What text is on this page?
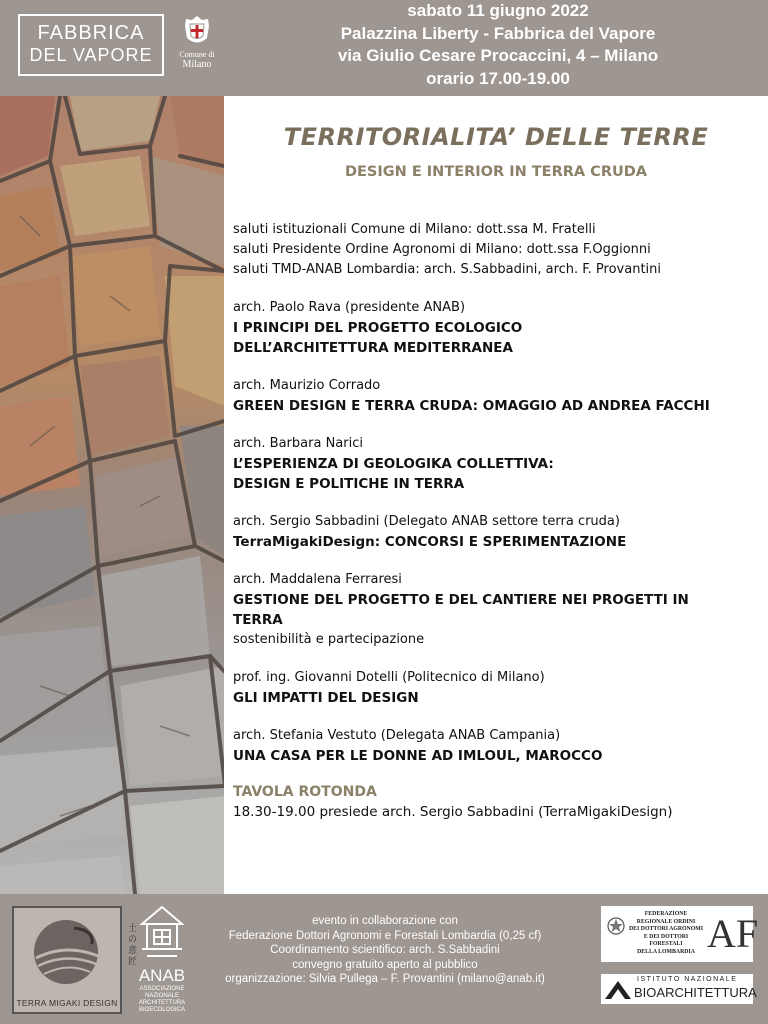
FABBRICA
DEL VAPORE	Comune di
Milano
sabato 11 giugno 2022
Palazzina Liberty - Fabbrica del Vapore
via Giulio Cesare Procaccini, 4 – Milano
orario 17.00-19.00
TERRITORIALITA’ DELLE TERRE
DESIGN E INTERIOR IN TERRA CRUDA
saluti istituzionali Comune di Milano: dott.ssa M. Fratelli
saluti Presidente Ordine Agronomi di Milano: dott.ssa F.Oggionni
saluti TMD-ANAB Lombardia: arch. S.Sabbadini, arch. F. Provantini
arch. Paolo Rava (presidente ANAB)
I PRINCIPI DEL PROGETTO ECOLOGICO
DELL’ARCHITETTURA MEDITERRANEA
arch. Maurizio Corrado
GREEN DESIGN E TERRA CRUDA: OMAGGIO AD ANDREA FACCHI
arch. Barbara Narici
L’ESPERIENZA DI GEOLOGIKA COLLETTIVA:
DESIGN E POLITICHE IN TERRA
arch. Sergio Sabbadini (Delegato ANAB settore terra cruda)
TerraMigakiDesign: CONCORSI E SPERIMENTAZIONE
arch. Maddalena Ferraresi
GESTIONE DEL PROGETTO E DEL CANTIERE NEI PROGETTI IN
TERRA
sostenibilità e partecipazione
prof. ing. Giovanni Dotelli (Politecnico di Milano)
GLI IMPATTI DEL DESIGN
arch. Stefania Vestuto (Delegata ANAB Campania)
UNA CASA PER LE DONNE AD IMLOUL, MAROCCO
TAVOLA ROTONDA
18.30-19.00 presiede arch. Sergio Sabbadini (TerraMigakiDesign)
TERRA MIGAKI DESIGN
土の意匠
ANAB
ASSOCIAZIONE
NAZIONALE
ARCHITETTURA
BIOECOLOGICA
evento in collaborazione con
Federazione Dottori Agronomi e Forestali Lombardia (0,25 cf)
Coordinamento scientifico: arch. S.Sabbadini
convegno gratuito aperto al pubblico
organizzazione: Silvia Pullega – F. Provantini (milano@anab.it)
FEDERAZIONE
REGIONALE ORDINI
DEI DOTTORI AGRONOMI
E DEI DOTTORI FORESTALI
DELLA LOMBARDIA AF
ISTITUTO NAZIONALE
BIOARCHITETTURA
